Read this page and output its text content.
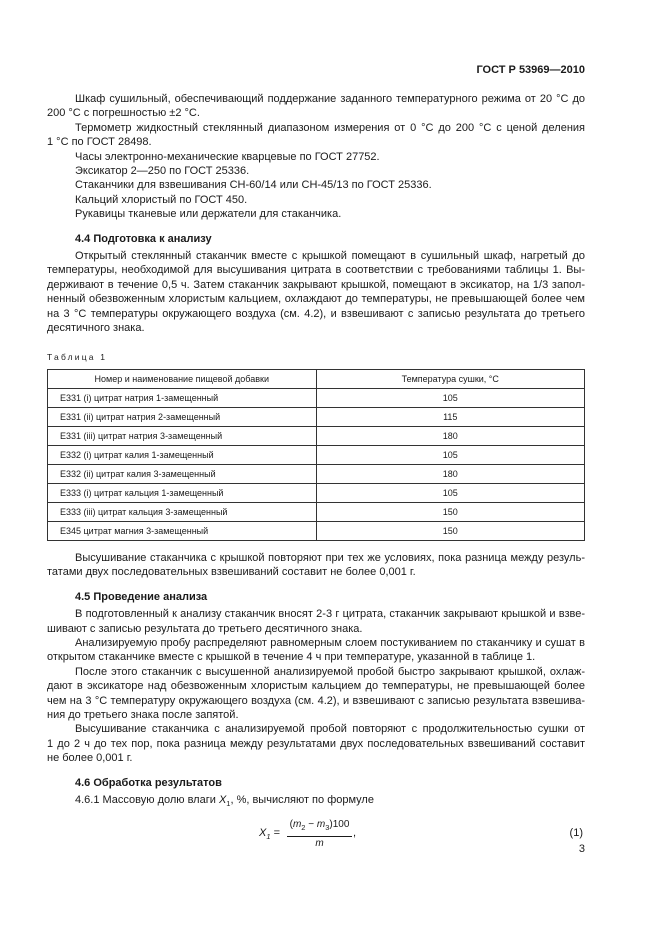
ГОСТ Р 53969—2010
Шкаф сушильный, обеспечивающий поддержание заданного температурного режима от 20 °С до
200 °С с погрешностью ±2 °С.
Термометр жидкостный стеклянный диапазоном измерения от 0 °С до 200 °С с ценой деления
1 °С по ГОСТ 28498.
Часы электронно-механические кварцевые по ГОСТ 27752.
Эксикатор 2—250 по ГОСТ 25336.
Стаканчики для взвешивания СН-60/14 или СН-45/13 по ГОСТ 25336.
Кальций хлористый по ГОСТ 450.
Рукавицы тканевые или держатели для стаканчика.
4.4 Подготовка к анализу
Открытый стеклянный стаканчик вместе с крышкой помещают в сушильный шкаф, нагретый до
температуры, необходимой для высушивания цитрата в соответствии с требованиями таблицы 1. Вы-
держивают в течение 0,5 ч. Затем стаканчик закрывают крышкой, помещают в эксикатор, на 1/3 запол-
ненный обезвоженным хлористым кальцием, охлаждают до температуры, не превышающей более чем
на 3 °С температуры окружающего воздуха (см. 4.2), и взвешивают с записью результата до третьего
десятичного знака.
Таблица 1
Номер и наименование пищевой добавки	Температура сушки, °С
Е331 (i) цитрат натрия 1-замещенный	105
Е331 (ii) цитрат натрия 2-замещенный	115
Е331 (iii) цитрат натрия 3-замещенный	180
Е332 (i) цитрат калия 1-замещенный	105
Е332 (ii) цитрат калия 3-замещенный	180
Е333 (i) цитрат кальция 1-замещенный	105
Е333 (iii) цитрат кальция 3-замещенный	150
Е345 цитрат магния 3-замещенный	150
Высушивание стаканчика с крышкой повторяют при тех же условиях, пока разница между резуль-
татами двух последовательных взвешиваний составит не более 0,001 г.
4.5 Проведение анализа
В подготовленный к анализу стаканчик вносят 2-3 г цитрата, стаканчик закрывают крышкой и взве-
шивают с записью результата до третьего десятичного знака.
Анализируемую пробу распределяют равномерным слоем постукиванием по стаканчику и сушат в
открытом стаканчике вместе с крышкой в течение 4 ч при температуре, указанной в таблице 1.
После этого стаканчик с высушенной анализируемой пробой быстро закрывают крышкой, охлаж-
дают в эксикаторе над обезвоженным хлористым кальцием до температуры, не превышающей более
чем на 3 °С температуру окружающего воздуха (см. 4.2), и взвешивают с записью результата взвешива-
ния до третьего знака после запятой.
Высушивание стаканчика с анализируемой пробой повторяют с продолжительностью сушки от
1 до 2 ч до тех пор, пока разница между результатами двух последовательных взвешиваний составит
не более 0,001 г.
4.6 Обработка результатов
4.6.1 Массовую долю влаги $X_1$, %, вычисляют по формуле
$X_1 = \frac{(m_2 - m_3)100}{m}$ ,	(1)
3
